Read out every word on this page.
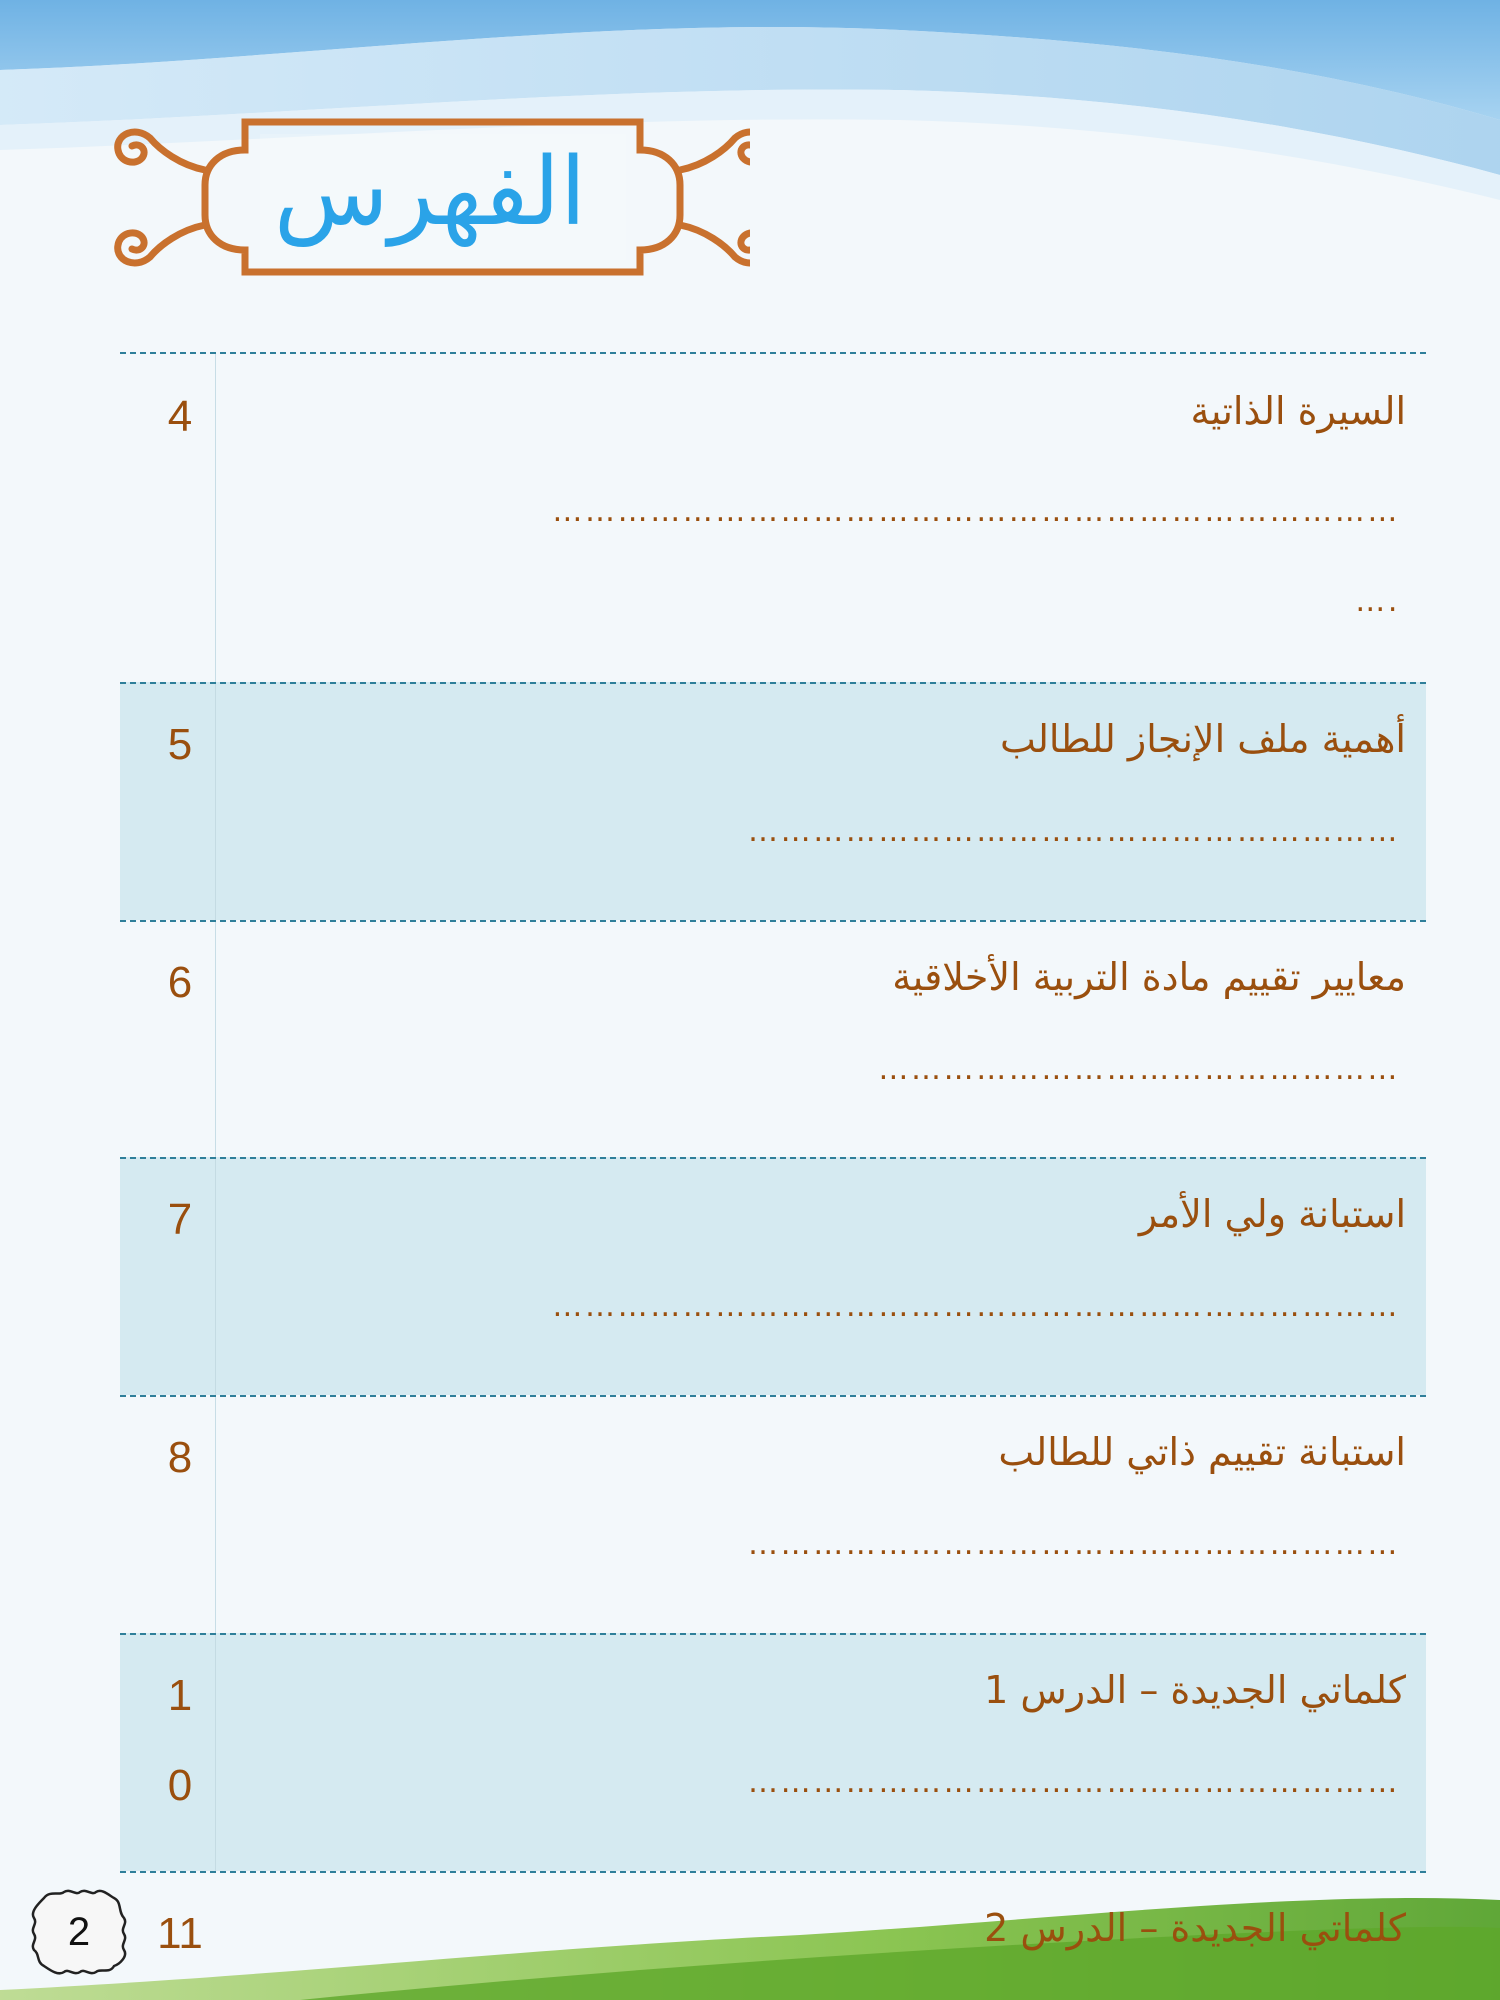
الفهرس
السيرة الذاتية
……………………………………………………………………
….
4
أهمية ملف الإنجاز للطالب
……………………………………………………
5
معايير تقييم مادة التربية الأخلاقية
…………………………………………
6
استبانة ولي الأمر
……………………………………………………………………
7
استبانة تقييم ذاتي للطالب
……………………………………………………
8
كلماتي الجديدة – الدرس 1
……………………………………………………
1
0
كلماتي الجديدة – الدرس 2
11
2
